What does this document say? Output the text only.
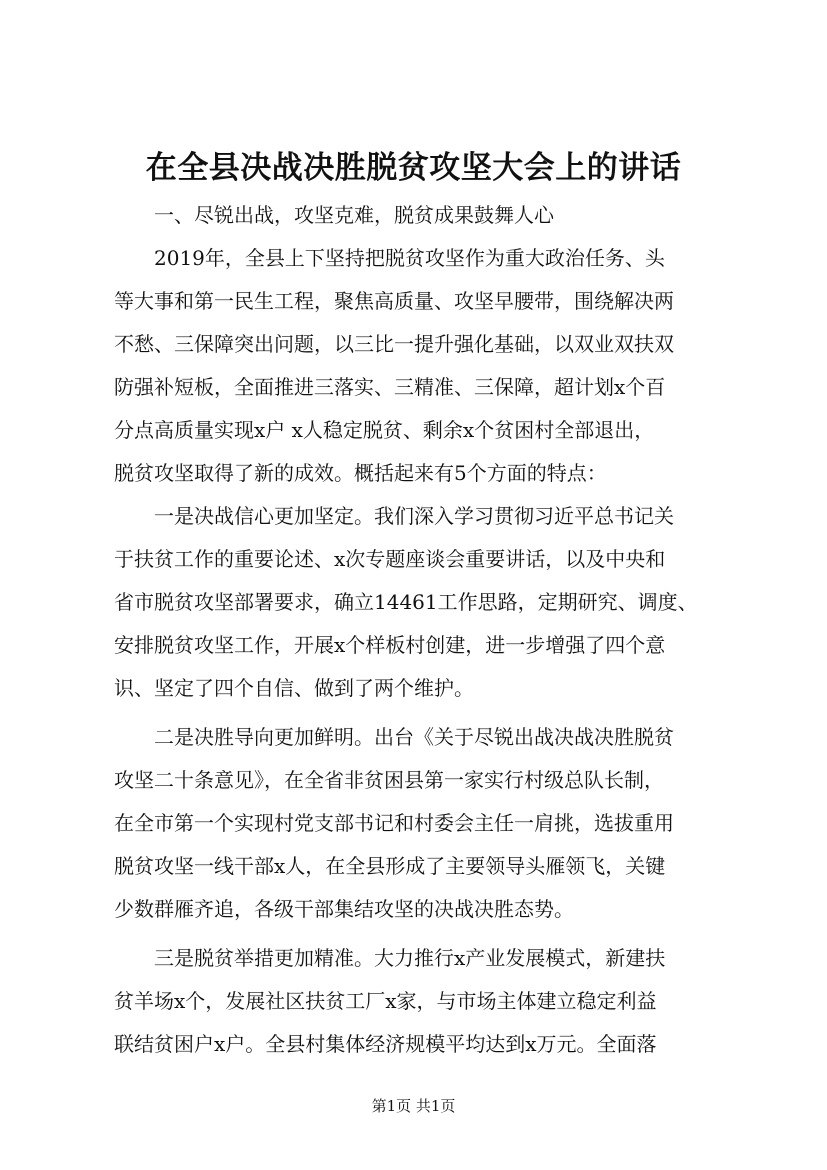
在全县决战决胜脱贫攻坚大会上的讲话
一、尽锐出战，攻坚克难，脱贫成果鼓舞人心
2019年，全县上下坚持把脱贫攻坚作为重大政治任务、头
等大事和第一民生工程，聚焦高质量、攻坚早腰带，围绕解决两
不愁、三保障突出问题，以三比一提升强化基础，以双业双扶双
防强补短板，全面推进三落实、三精准、三保障，超计划x个百
分点高质量实现x户 x人稳定脱贫、剩余x个贫困村全部退出，
脱贫攻坚取得了新的成效。概括起来有5个方面的特点：
一是决战信心更加坚定。我们深入学习贯彻习近平总书记关
于扶贫工作的重要论述、x次专题座谈会重要讲话，以及中央和
省市脱贫攻坚部署要求，确立14461工作思路，定期研究、调度、
安排脱贫攻坚工作，开展x个样板村创建，进一步增强了四个意
识、坚定了四个自信、做到了两个维护。
二是决胜导向更加鲜明。出台《关于尽锐出战决战决胜脱贫
攻坚二十条意见》，在全省非贫困县第一家实行村级总队长制，
在全市第一个实现村党支部书记和村委会主任一肩挑，选拔重用
脱贫攻坚一线干部x人，在全县形成了主要领导头雁领飞，关键
少数群雁齐追，各级干部集结攻坚的决战决胜态势。
三是脱贫举措更加精准。大力推行x产业发展模式，新建扶
贫羊场x个，发展社区扶贫工厂x家，与市场主体建立稳定利益
联结贫困户x户。全县村集体经济规模平均达到x万元。全面落
第1页 共1页
